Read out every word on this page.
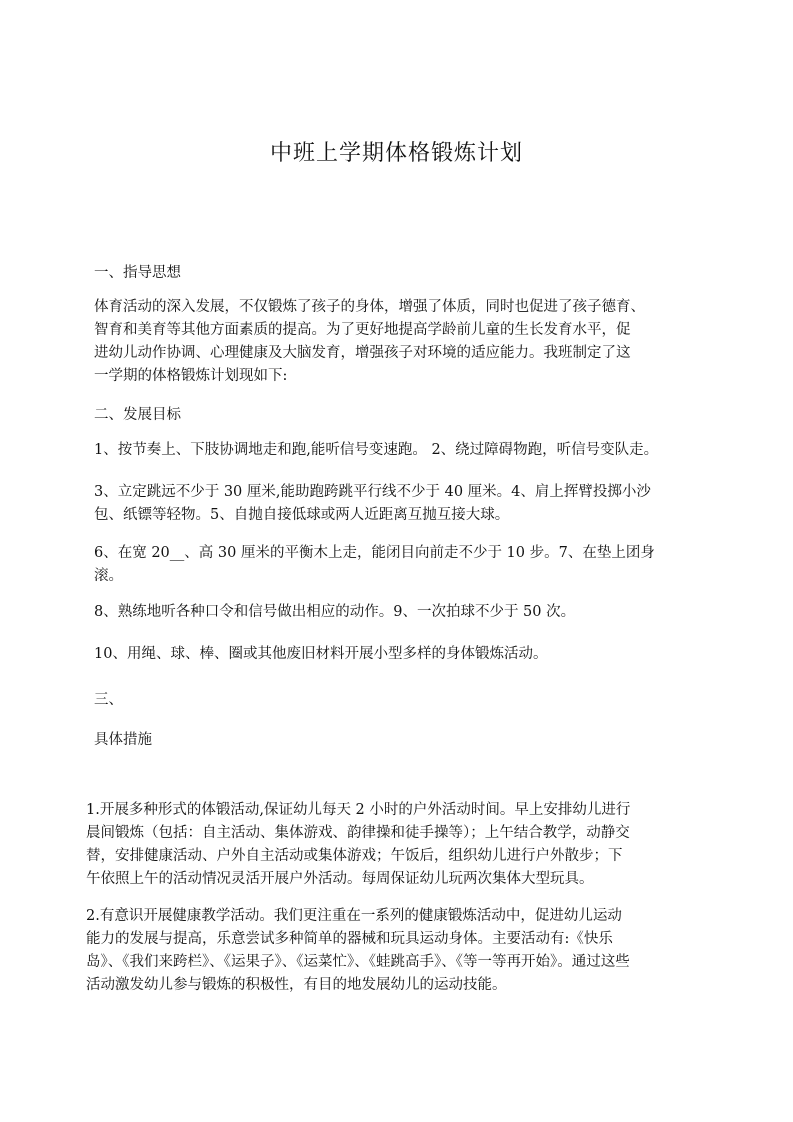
中班上学期体格锻炼计划

一、指导思想

体育活动的深入发展，不仅锻炼了孩子的身体，增强了体质，同时也促进了孩子德育、
智育和美育等其他方面素质的提高。为了更好地提高学龄前儿童的生长发育水平，促
进幼儿动作协调、心理健康及大脑发育，增强孩子对环境的适应能力。我班制定了这
一学期的体格锻炼计划现如下:

二、发展目标

1、按节奏上、下肢协调地走和跑,能听信号变速跑。 2、绕过障碍物跑，听信号变队走。

3、立定跳远不少于 30 厘米,能助跑跨跳平行线不少于 40 厘米。4、肩上挥臂投掷小沙
包、纸镖等轻物。5、自抛自接低球或两人近距离互抛互接大球。
6、在宽 20__、高 30 厘米的平衡木上走，能闭目向前走不少于 10 步。7、在垫上团身
滚。

8、熟练地听各种口令和信号做出相应的动作。9、一次拍球不少于 50 次。

10、用绳、球、棒、圈或其他废旧材料开展小型多样的身体锻炼活动。

三、

具体措施

1.开展多种形式的体锻活动,保证幼儿每天 2 小时的户外活动时间。早上安排幼儿进行
晨间锻炼（包括：自主活动、集体游戏、韵律操和徒手操等）；上午结合教学，动静交
替，安排健康活动、户外自主活动或集体游戏；午饭后，组织幼儿进行户外散步；下
午依照上午的活动情况灵活开展户外活动。每周保证幼儿玩两次集体大型玩具。
2.有意识开展健康教学活动。我们更注重在一系列的健康锻炼活动中，促进幼儿运动
能力的发展与提高，乐意尝试多种简单的器械和玩具运动身体。主要活动有:《快乐
岛》、《我们来跨栏》、《运果子》、《运菜忙》、《蛙跳高手》、《等一等再开始》。通过这些
活动激发幼儿参与锻炼的积极性，有目的地发展幼儿的运动技能。
